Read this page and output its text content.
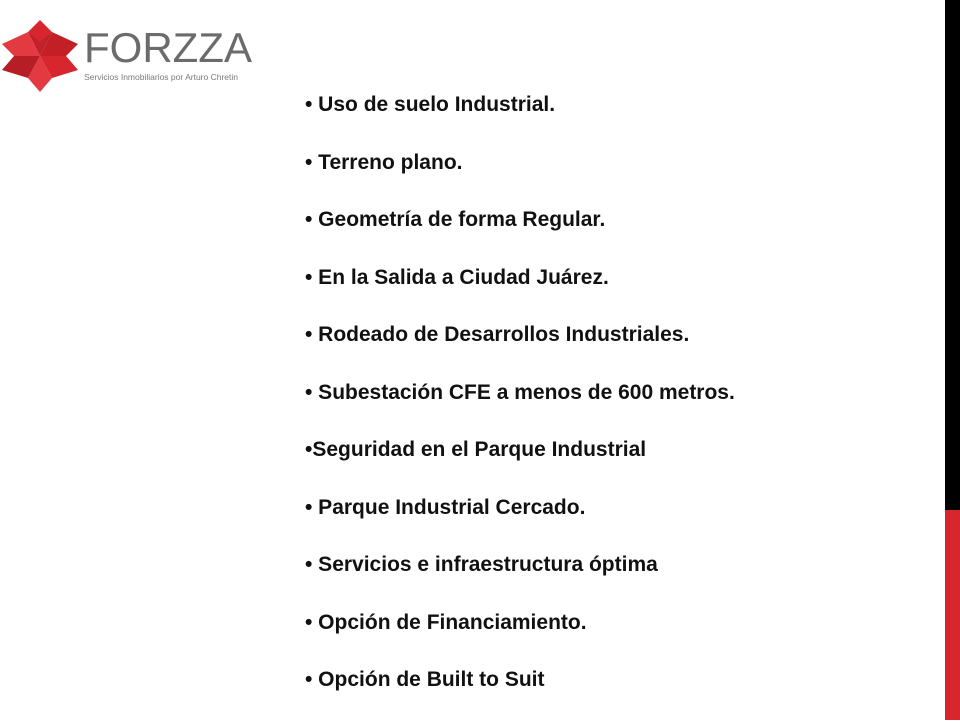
FORZZA
Servicios Inmobiliarios por Arturo Chretin
• Uso de suelo Industrial.
• Terreno plano.
• Geometría de forma Regular.
• En la Salida a Ciudad Juárez.
• Rodeado de Desarrollos Industriales.
• Subestación CFE a menos de 600 metros.
•Seguridad en el Parque Industrial
• Parque Industrial Cercado.
• Servicios e infraestructura óptima
• Opción de Financiamiento.
• Opción de Built to Suit
